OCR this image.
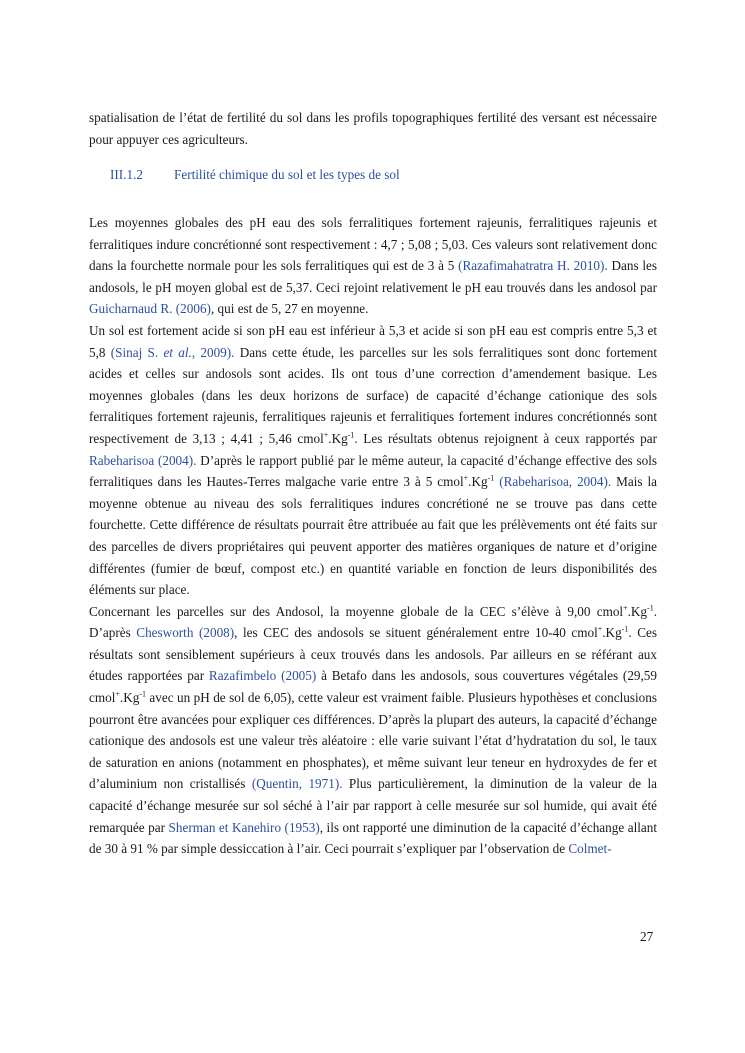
spatialisation de l’état de fertilité du sol dans les profils topographiques fertilité des versant est nécessaire pour appuyer ces agriculteurs.

III.1.2 Fertilité chimique du sol et les types de sol

Les moyennes globales des pH eau des sols ferralitiques fortement rajeunis, ferralitiques rajeunis et ferralitiques indure concrétionné sont respectivement : 4,7 ; 5,08 ; 5,03. Ces valeurs sont relativement donc dans la fourchette normale pour les sols ferralitiques qui est de 3 à 5 (Razafimahatratra H. 2010). Dans les andosols, le pH moyen global est de 5,37. Ceci rejoint relativement le pH eau trouvés dans les andosol par Guicharnaud R. (2006), qui est de 5, 27 en moyenne.

Un sol est fortement acide si son pH eau est inférieur à 5,3 et acide si son pH eau est compris entre 5,3 et 5,8 (Sinaj S. et al., 2009). Dans cette étude, les parcelles sur les sols ferralitiques sont donc fortement acides et celles sur andosols sont acides. Ils ont tous d’une correction d’amendement basique. Les moyennes globales (dans les deux horizons de surface) de capacité d’échange cationique des sols ferralitiques fortement rajeunis, ferralitiques rajeunis et ferralitiques fortement indures concrétionnés sont respectivement de 3,13 ; 4,41 ; 5,46 $cmol^+.Kg^{-1}$. Les résultats obtenus rejoignent à ceux rapportés par Rabeharisoa (2004). D’après le rapport publié par le même auteur, la capacité d’échange effective des sols ferralitiques dans les Hautes-Terres malgache varie entre 3 à 5 $cmol^+.Kg^{-1}$ (Rabeharisoa, 2004). Mais la moyenne obtenue au niveau des sols ferralitiques indures concrétioné ne se trouve pas dans cette fourchette. Cette différence de résultats pourrait être attribuée au fait que les prélèvements ont été faits sur des parcelles de divers propriétaires qui peuvent apporter des matières organiques de nature et d’origine différentes (fumier de bœuf, compost etc.) en quantité variable en fonction de leurs disponibilités des éléments sur place.

Concernant les parcelles sur des Andosol, la moyenne globale de la CEC s’élève à 9,00 $cmol^+.Kg^{-1}$. D’après Chesworth (2008), les CEC des andosols se situent généralement entre 10-40 $cmol^+.Kg^{-1}$. Ces résultats sont sensiblement supérieurs à ceux trouvés dans les andosols. Par ailleurs en se référant aux études rapportées par Razafimbelo (2005) à Betafo dans les andosols, sous couvertures végétales (29,59 $cmol^+.Kg^{-1}$ avec un pH de sol de 6,05), cette valeur est vraiment faible. Plusieurs hypothèses et conclusions pourront être avancées pour expliquer ces différences. D’après la plupart des auteurs, la capacité d’échange cationique des andosols est une valeur très aléatoire : elle varie suivant l’état d’hydratation du sol, le taux de saturation en anions (notamment en phosphates), et même suivant leur teneur en hydroxydes de fer et d’aluminium non cristallisés (Quentin, 1971). Plus particulièrement, la diminution de la valeur de la capacité d’échange mesurée sur sol séché à l’air par rapport à celle mesurée sur sol humide, qui avait été remarquée par Sherman et Kanehiro (1953), ils ont rapporté une diminution de la capacité d’échange allant de 30 à 91 % par simple dessiccation à l’air. Ceci pourrait s’expliquer par l’observation de Colmet-

27
